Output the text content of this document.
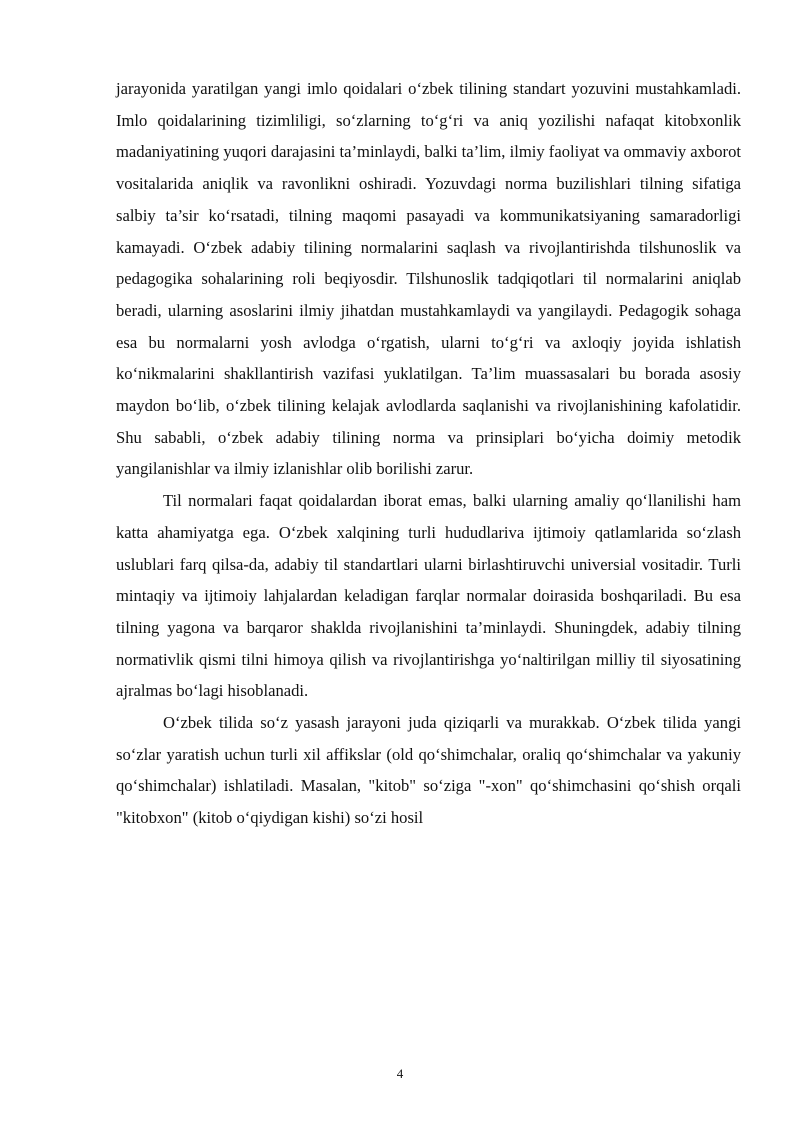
jarayonida yaratilgan yangi imlo qoidalari o‘zbek tilining standart yozuvini mustahkamladi. Imlo qoidalarining tizimliligi, so‘zlarning to‘g‘ri va aniq yozilishi nafaqat kitobxonlik madaniyatining yuqori darajasini ta’minlaydi, balki ta’lim, ilmiy faoliyat va ommaviy axborot vositalarida aniqlik va ravonlikni oshiradi. Yozuvdagi norma buzilishlari tilning sifatiga salbiy ta’sir ko‘rsatadi, tilning maqomi pasayadi va kommunikatsiyaning samaradorligi kamayadi. O‘zbek adabiy tilining normalarini saqlash va rivojlantirishda tilshunoslik va pedagogika sohalarining roli beqiyosdir. Tilshunoslik tadqiqotlari til normalarini aniqlab beradi, ularning asoslarini ilmiy jihatdan mustahkamlaydi va yangilaydi. Pedagogik sohaga esa bu normalarni yosh avlodga o‘rgatish, ularni to‘g‘ri va axloqiy joyida ishlatish ko‘nikmalarini shakllantirish vazifasi yuklatilgan. Ta’lim muassasalari bu borada asosiy maydon bo‘lib, o‘zbek tilining kelajak avlodlarda saqlanishi va rivojlanishining kafolatidir. Shu sababli, o‘zbek adabiy tilining norma va prinsiplari bo‘yicha doimiy metodik yangilanishlar va ilmiy izlanishlar olib borilishi zarur.

Til normalari faqat qoidalardan iborat emas, balki ularning amaliy qo‘llanilishi ham katta ahamiyatga ega. O‘zbek xalqining turli hududlariva ijtimoiy qatlamlarida so‘zlash uslublari farq qilsa-da, adabiy til standartlari ularni birlashtiruvchi universial vositadir. Turli mintaqiy va ijtimoiy lahjalardan keladigan farqlar normalar doirasida boshqariladi. Bu esa tilning yagona va barqaror shaklda rivojlanishini ta’minlaydi. Shuningdek, adabiy tilning normativlik qismi tilni himoya qilish va rivojlantirishga yo‘naltirilgan milliy til siyosatining ajralmas bo‘lagi hisoblanadi.

O‘zbek tilida so‘z yasash jarayoni juda qiziqarli va murakkab. O‘zbek tilida yangi so‘zlar yaratish uchun turli xil affikslar (old qo‘shimchalar, oraliq qo‘shimchalar va yakuniy qo‘shimchalar) ishlatiladi. Masalan, "kitob" so‘ziga "-xon" qo‘shimchasini qo‘shish orqali "kitobxon" (kitob o‘qiydigan kishi) so‘zi hosil

4
